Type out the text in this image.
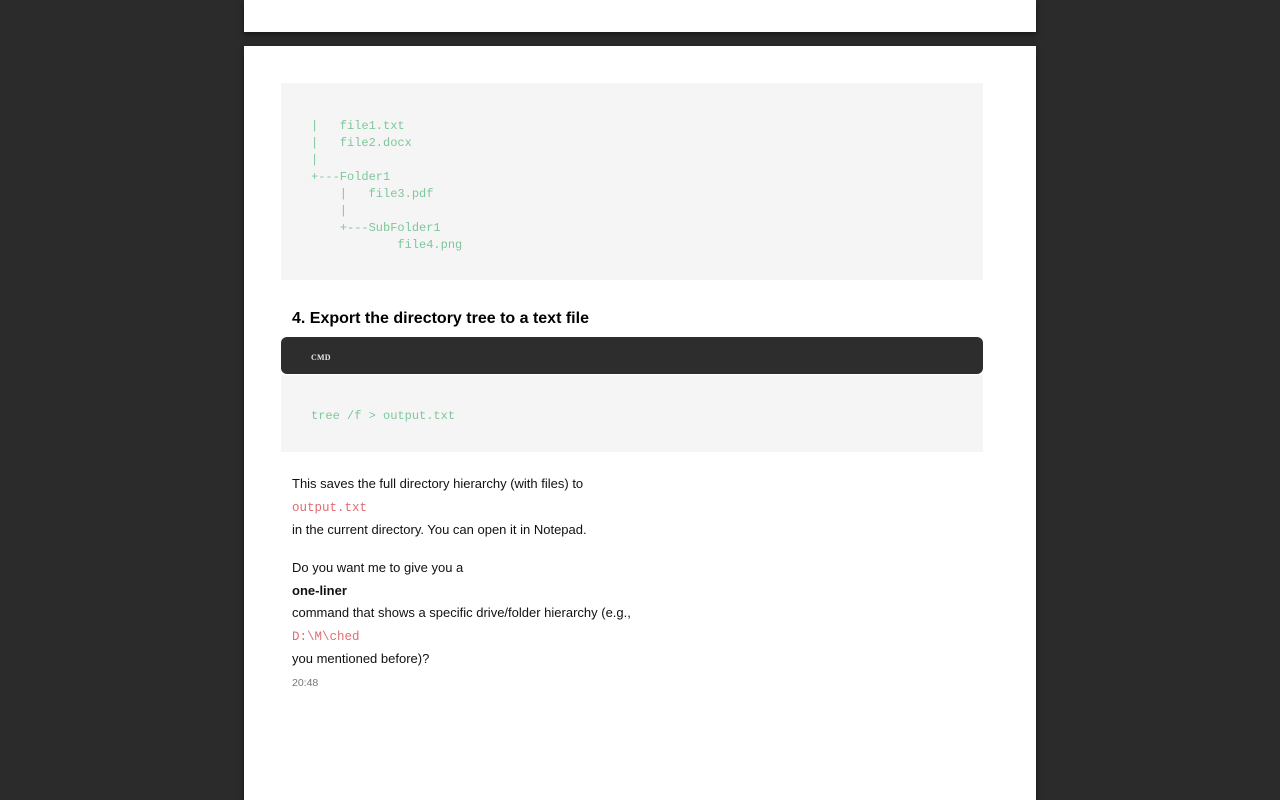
|   file1.txt
|   file2.docx
|
+---Folder1
|   file3.pdf
|
+---SubFolder1
file4.png
4. Export the directory tree to a text file
CMD
tree /f > output.txt
This saves the full directory hierarchy (with files) to
output.txt
in the current directory. You can open it in Notepad.
Do you want me to give you a
one-liner
command that shows a specific drive/folder hierarchy (e.g.,
D:\M\ched
you mentioned before)?
20:48
